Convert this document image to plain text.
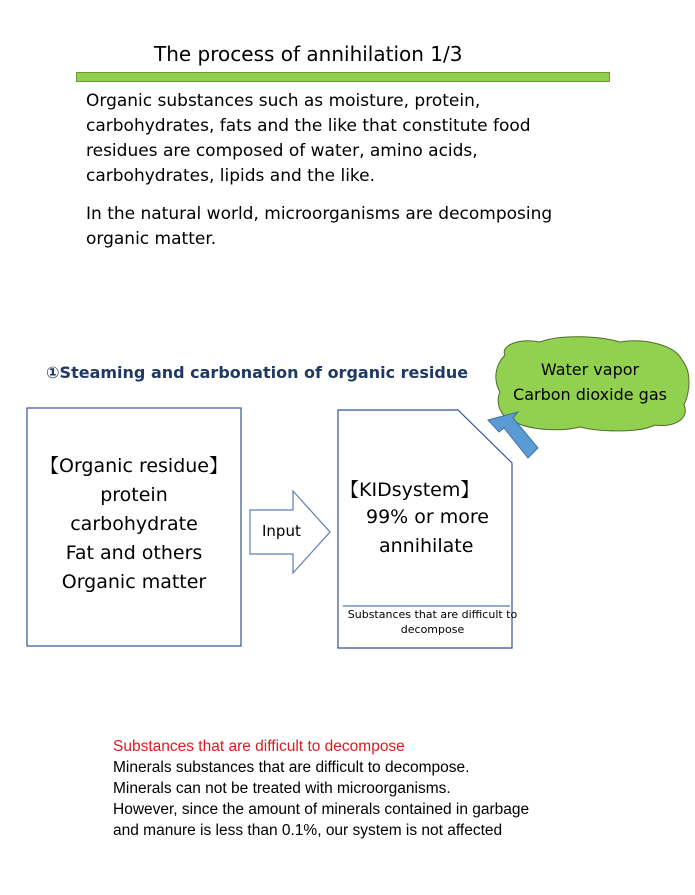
The process of annihilation 1/3
Organic substances such as moisture, protein, carbohydrates, fats and the like that constitute food residues are composed of water, amino acids, carbohydrates, lipids and the like.
In the natural world, microorganisms are decomposing organic matter.
①Steaming and carbonation of organic residue
【Organic residue】
protein
carbohydrate
Fat and others
Organic matter
Input
【KIDsystem】
99% or more
annihilate
Substances that are difficult to decompose
Water vapor
Carbon dioxide gas
Substances that are difficult to decompose
Minerals substances that are difficult to decompose.
Minerals can not be treated with microorganisms.
However, since the amount of minerals contained in garbage
and manure is less than 0.1%, our system is not affected
